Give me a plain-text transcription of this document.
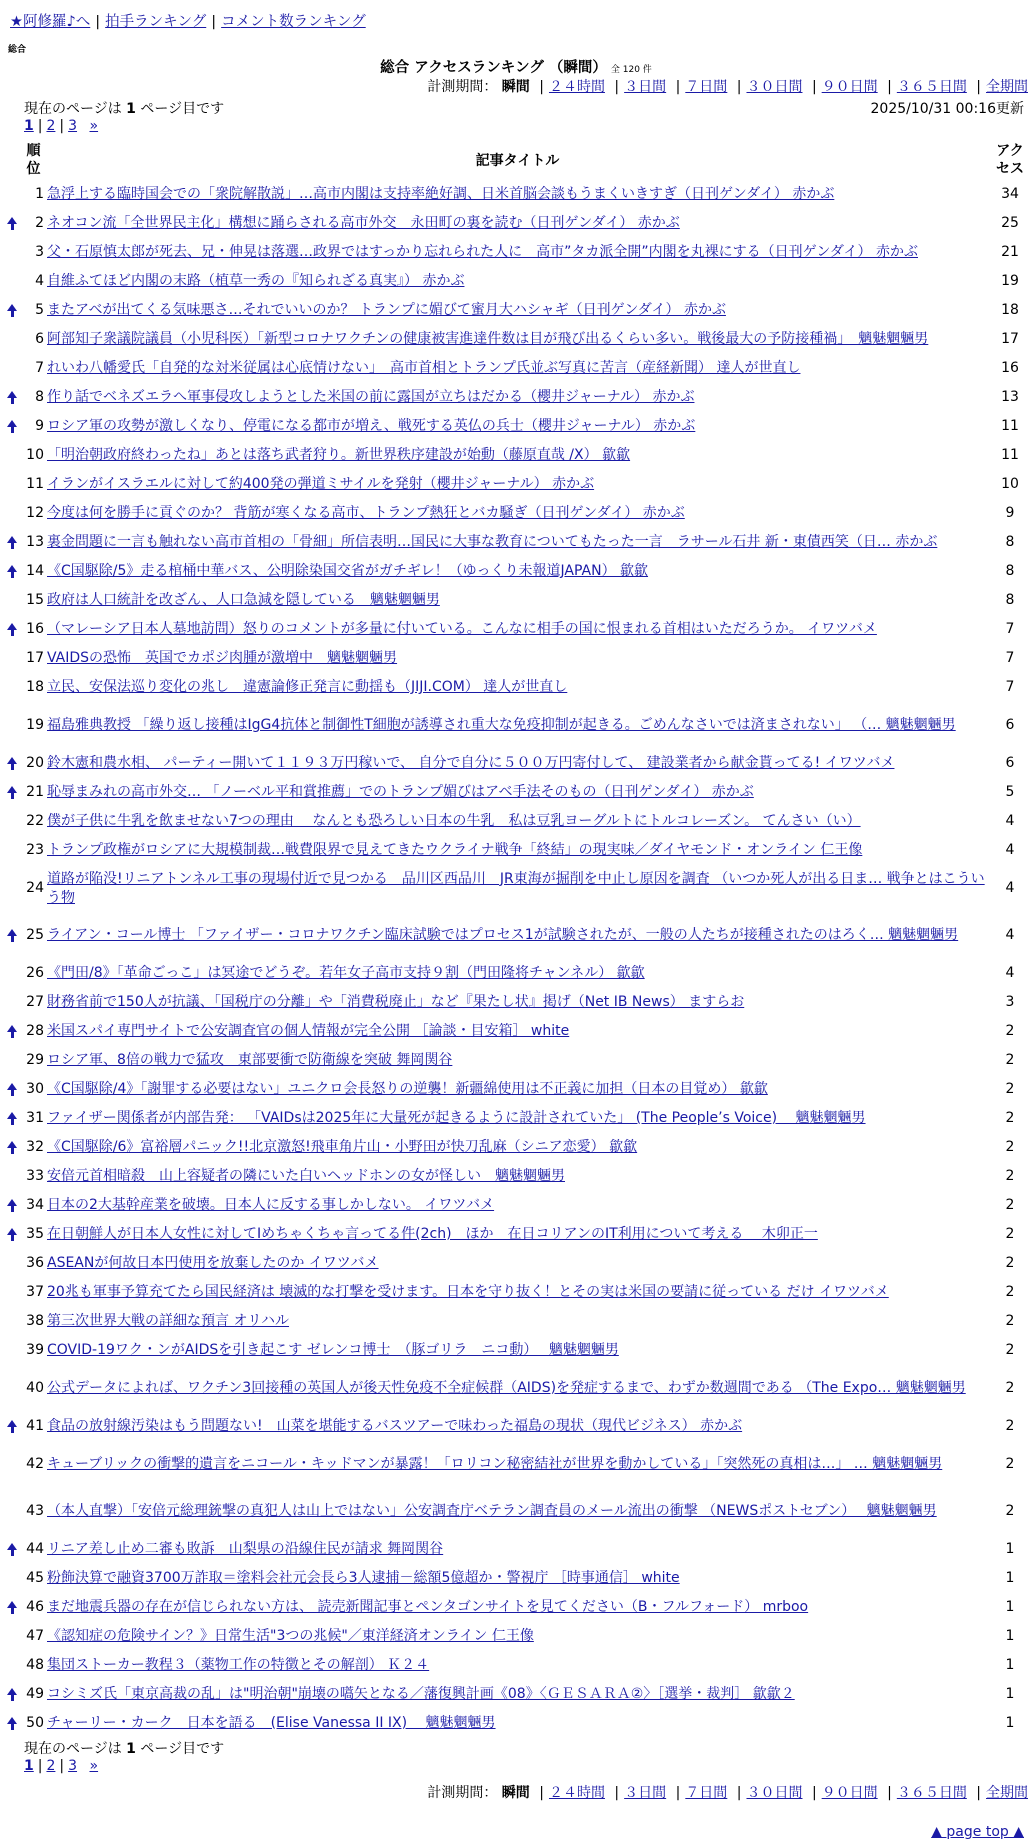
★阿修羅♪へ | 拍手ランキング | コメント数ランキング
総合
総合 アクセスランキング （瞬間） 全 120 件
計測期間： 瞬間 | ２４時間 | ３日間 | ７日間 | ３０日間 | ９０日間 | ３６５日間 | 全期間
現在のページは 1 ページ目です	2025/10/31 00:16更新
1 | 2 | 3 »
	順位	記事タイトル	アクセス
	1	急浮上する臨時国会での「衆院解散説」…高市内閣は支持率絶好調、日米首脳会談もうまくいきすぎ（日刊ゲンダイ） 赤かぶ	34
	2	ネオコン流「全世界民主化」構想に踊らされる高市外交　永田町の裏を読む（日刊ゲンダイ） 赤かぶ	25
	3	父・石原慎太郎が死去、兄・伸晃は落選…政界ではすっかり忘れられた人に　高市”タカ派全開”内閣を丸裸にする（日刊ゲンダイ） 赤かぶ	21
	4	自維ふてほど内閣の末路（植草一秀の『知られざる真実』） 赤かぶ	19
	5	またアベが出てくる気味悪さ…それでいいのか？ トランプに媚びて蜜月大ハシャギ（日刊ゲンダイ） 赤かぶ	18
	6	阿部知子衆議院議員（小児科医）「新型コロナワクチンの健康被害進達件数は目が飛び出るくらい多い。戦後最大の予防接種禍」　魑魅魍魎男	17
	7	れいわ八幡愛氏「自発的な対米従属は心底情けない」　高市首相とトランプ氏並ぶ写真に苦言（産経新聞） 達人が世直し	16
	8	作り話でベネズエラへ軍事侵攻しようとした米国の前に露国が立ちはだかる（櫻井ジャーナル） 赤かぶ	13
	9	ロシア軍の攻勢が激しくなり、停電になる都市が増え、戦死する英仏の兵士（櫻井ジャーナル） 赤かぶ	11
	10	「明治朝政府終わったね」あとは落ち武者狩り。新世界秩序建設が始動（藤原直哉 /X） 歙歙	11
	11	イランがイスラエルに対して約400発の弾道ミサイルを発射（櫻井ジャーナル） 赤かぶ	10
	12	今度は何を勝手に貢ぐのか？ 背筋が寒くなる高市、トランプ熱狂とバカ騒ぎ（日刊ゲンダイ） 赤かぶ	9
	13	裏金問題に一言も触れない高市首相の「骨細」所信表明…国民に大事な教育についてもたった一言　ラサール石井 新・東債西笑（日… 赤かぶ	8
	14	《C国駆除/5》走る棺桶中華バス、公明除染国交省がガチギレ！（ゆっくり未報道JAPAN） 歙歙	8
	15	政府は人口統計を改ざん、人口急減を隠している　魑魅魍魎男	8
	16	（マレーシア日本人墓地訪問）怒りのコメントが多量に付いている。こんなに相手の国に恨まれる首相はいただろうか。 イワツバメ	7
	17	VAIDSの恐怖　英国でカポジ肉腫が激増中　魑魅魍魎男	7
	18	立民、安保法巡り変化の兆し　違憲論修正発言に動揺も（JIJI.COM） 達人が世直し	7
	19	福島雅典教授 「繰り返し接種はIgG4抗体と制御性T細胞が誘導され重大な免疫抑制が起きる。ごめんなさいでは済まされない」 （… 魑魅魍魎男	6
	20	鈴木憲和農水相、 パーティー開いて１１９３万円稼いで、 自分で自分に５００万円寄付して、 建設業者から献金貰ってる! イワツバメ	6
	21	恥辱まみれの高市外交… 「ノーベル平和賞推薦」でのトランプ媚びはアベ手法そのもの（日刊ゲンダイ） 赤かぶ	5
	22	僕が子供に牛乳を飲ませない7つの理由　 なんとも恐ろしい日本の牛乳　私は豆乳ヨーグルトにトルコレーズン。 てんさい（い）	4
	23	トランプ政権がロシアに大規模制裁…戦費限界で見えてきたウクライナ戦争「終結」の現実味／ダイヤモンド・オンライン 仁王像	4
	24	道路が陥没!リニアトンネル工事の現場付近で見つかる　品川区西品川　JR東海が掘削を中止し原因を調査 （いつか死人が出る日ま… 戦争とはこういう物	4
	25	ライアン・コール博士 「ファイザー・コロナワクチン臨床試験ではプロセス1が試験されたが、一般の人たちが接種されたのはろく… 魑魅魍魎男	4
	26	《門田/8》「革命ごっこ」は冥途でどうぞ。若年女子高市支持９割（門田隆将チャンネル） 歙歙	4
	27	財務省前で150人が抗議、「国税庁の分離」や「消費税廃止」など『果たし状』掲げ（Net IB News） ますらお	3
	28	米国スパイ専門サイトで公安調査官の個人情報が完全公開 ［論談・目安箱］ white	2
	29	ロシア軍、8倍の戦力で猛攻　東部要衝で防衛線を突破 舞岡関谷	2
	30	《C国駆除/4》「謝罪する必要はない」ユニクロ会長怒りの逆襲！新疆綿使用は不正義に加担（日本の目覚め） 歙歙	2
	31	ファイザー関係者が内部告発： 「VAIDsは2025年に大量死が起きるように設計されていた」 (The People’s Voice)　 魑魅魍魎男	2
	32	《C国駆除/6》富裕層パニック!!北京激怒!飛車角片山・小野田が快刀乱麻（シニア恋愛） 歙歙	2
	33	安倍元首相暗殺　山上容疑者の隣にいた白いヘッドホンの女が怪しい　魑魅魍魎男	2
	34	日本の2大基幹産業を破壊。日本人に反する事しかしない。 イワツバメ	2
	35	在日朝鮮人が日本人女性に対してIめちゃくちゃ言ってる件(2ch)　ほか　在日コリアンのIT利用について考える　 木卯正一	2
	36	ASEANが何故日本円使用を放棄したのか イワツバメ	2
	37	20兆も軍事予算充てたら国民経済は 壊滅的な打撃を受けます。日本を守り抜く！とその実は米国の要請に従っている だけ イワツバメ	2
	38	第三次世界大戦の詳細な預言 オリハル	2
	39	COVID-19ワク・ンがAIDSを引き起こす ゼレンコ博士　（豚ゴリラ　ニコ動）　 魑魅魍魎男	2
	40	公式データによれば、ワクチン3回接種の英国人が後天性免疫不全症候群（AIDS)を発症するまで、わずか数週間である （The Expo… 魑魅魍魎男	2
	41	食品の放射線汚染はもう問題ない!　山菜を堪能するバスツアーで味わった福島の現状（現代ビジネス） 赤かぶ	2
	42	キューブリックの衝撃的遺言をニコール・キッドマンが暴露！「ロリコン秘密結社が世界を動かしている」「突然死の真相は…」 … 魑魅魍魎男	2
	43	（本人直撃）「安倍元総理銃撃の真犯人は山上ではない」公安調査庁ベテラン調査員のメール流出の衝撃 （NEWSポストセブン）　 魑魅魍魎男	2
	44	リニア差し止め二審も敗訴　山梨県の沿線住民が請求 舞岡関谷	1
	45	粉飾決算で融資3700万詐取＝塗料会社元会長ら3人逮捕－総額5億超か・警視庁 ［時事通信］ white	1
	46	まだ地震兵器の存在が信じられない方は、 読売新聞記事とペンタゴンサイトを見てください（B・フルフォード） mrboo	1
	47	《認知症の危険サイン？》日常生活"3つの兆候"／東洋経済オンライン 仁王像	1
	48	集団ストーカー教程３（薬物工作の特徴とその解剖） Ｋ２４	1
	49	コシミズ氏「東京高裁の乱」は"明治朝"崩壊の嚆矢となる／藩復興計画《08》〈ＧＥＳＡＲＡ②〉［選挙・裁判］ 歙歙２	1
	50	チャーリー・カーク　日本を語る　(Elise Vanessa II IX)　 魑魅魍魎男	1
現在のページは 1 ページ目です
1 | 2 | 3 »
計測期間： 瞬間 | ２４時間 | ３日間 | ７日間 | ３０日間 | ９０日間 | ３６５日間 | 全期間
▲ page top ▲
